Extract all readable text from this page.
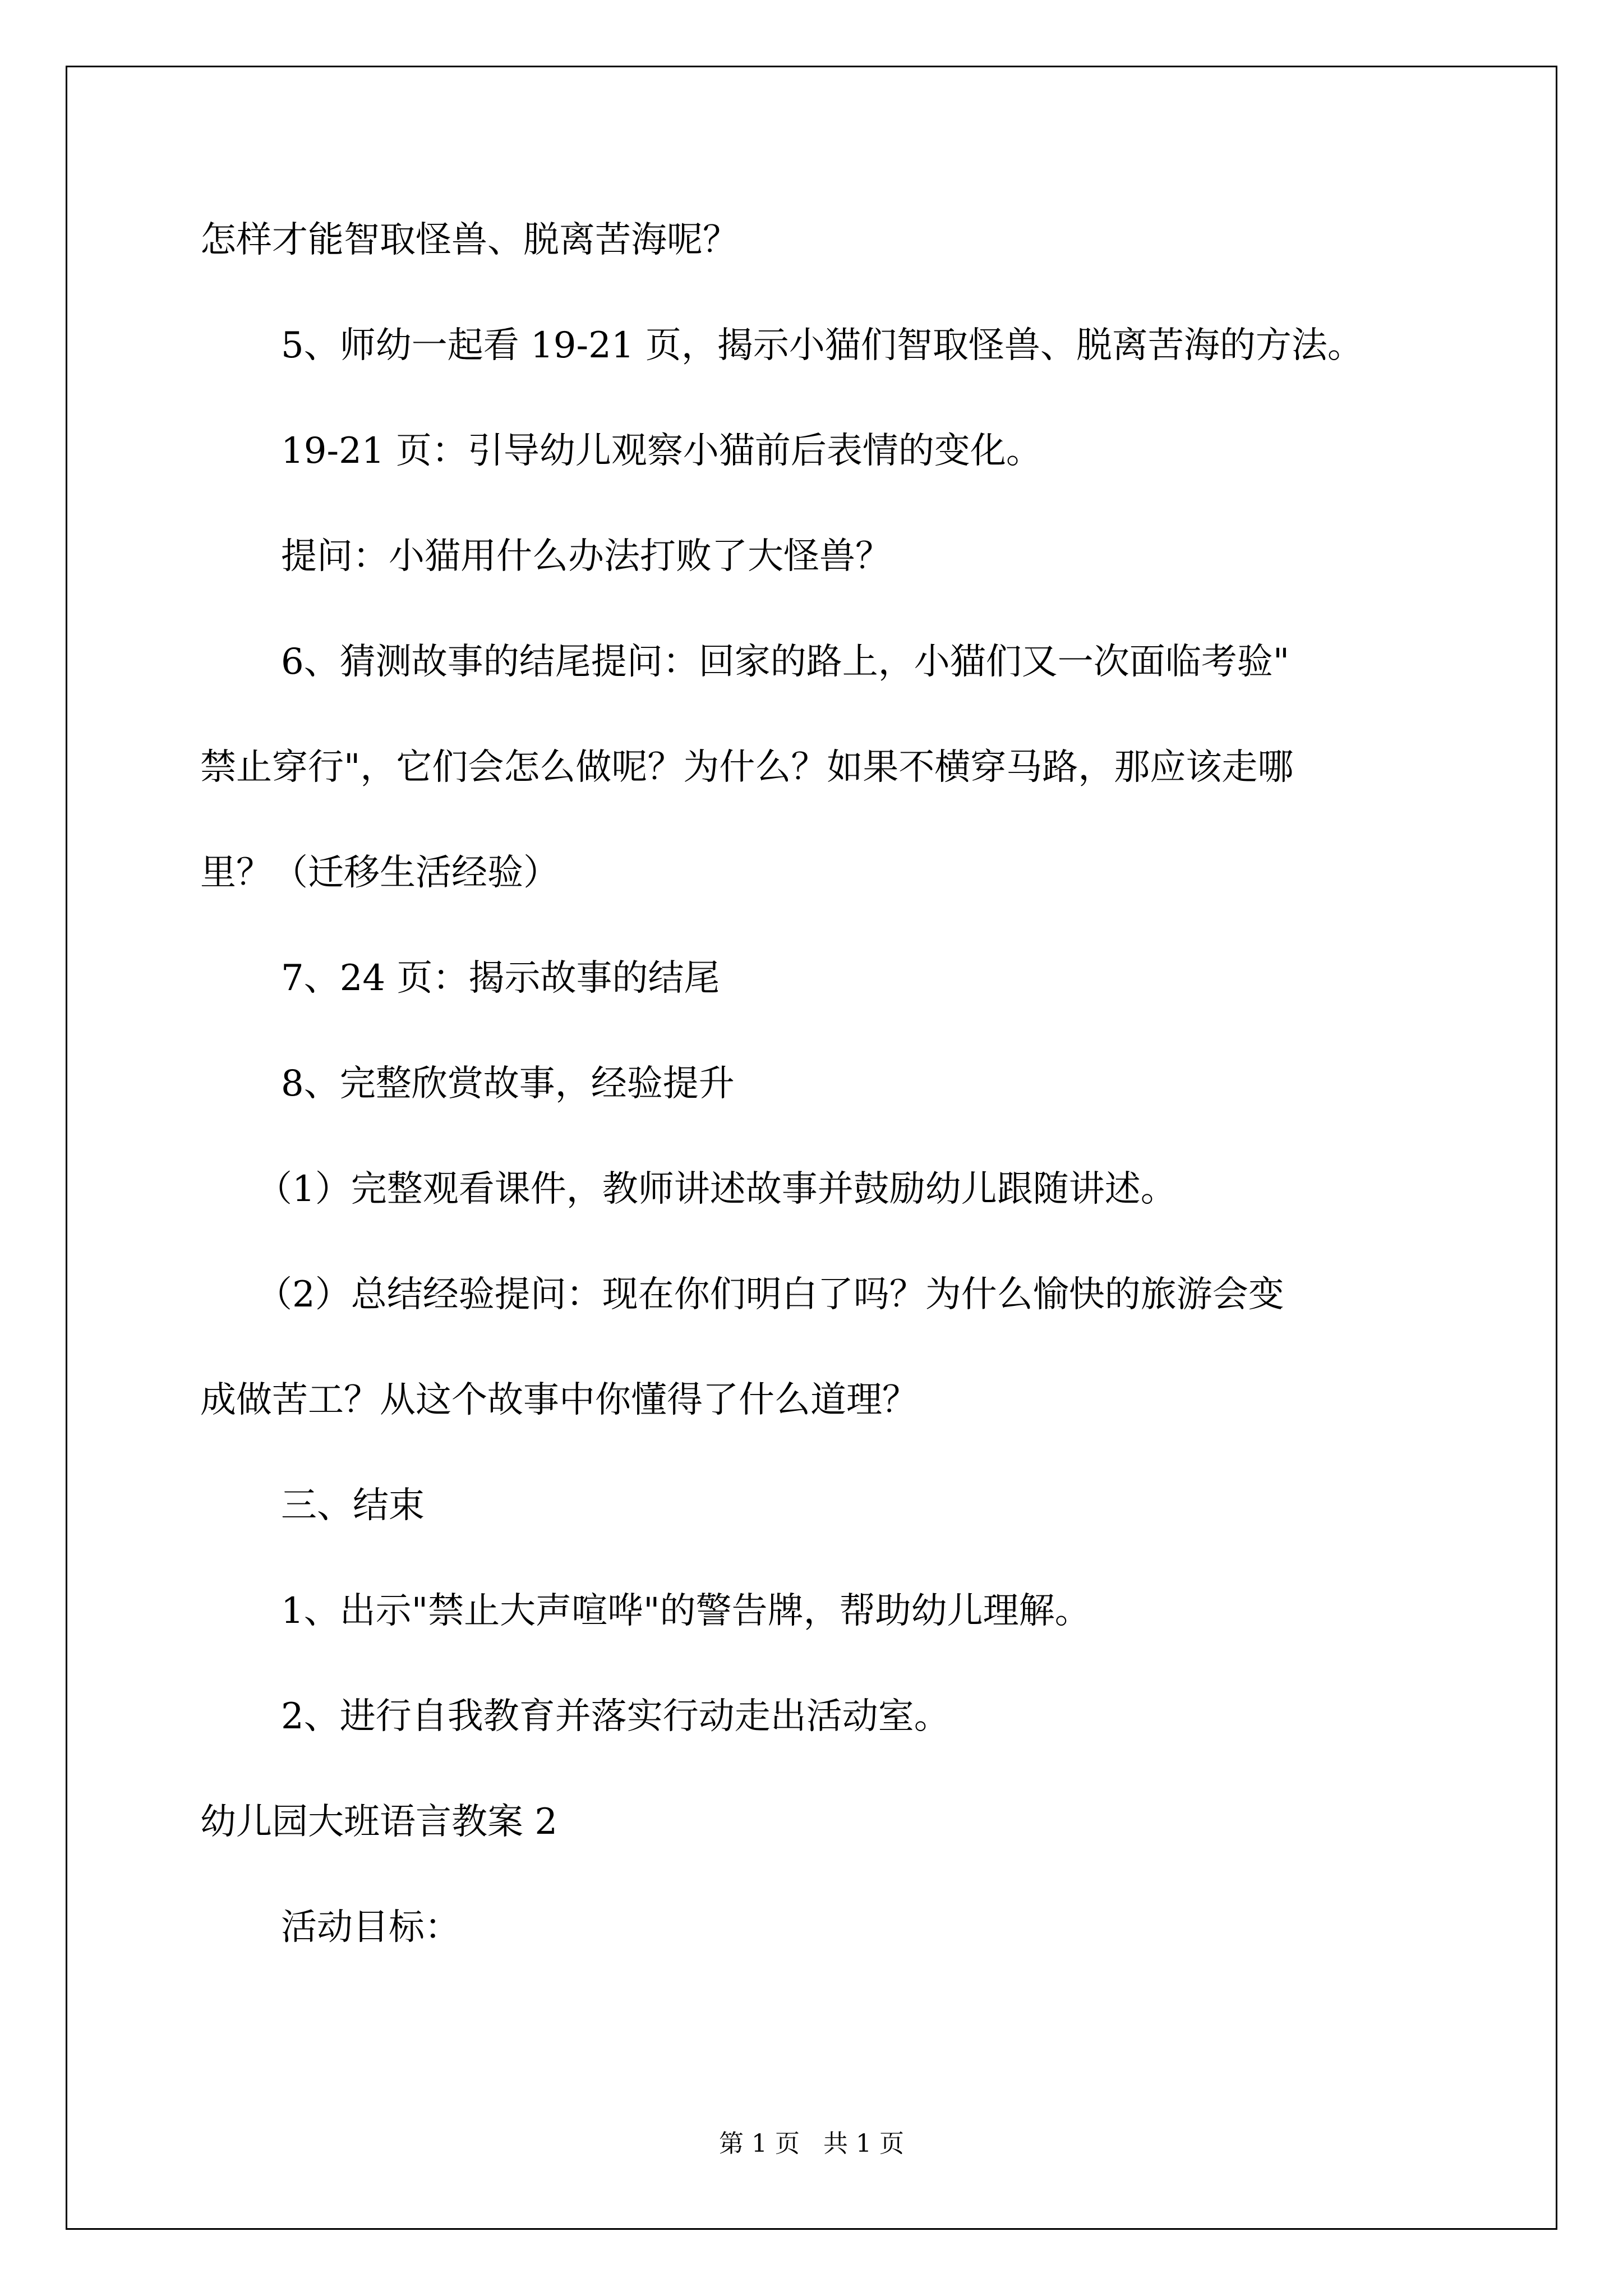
怎样才能智取怪兽、脱离苦海呢？
5、师幼一起看 19-21 页，揭示小猫们智取怪兽、脱离苦海的方法。
19-21 页：引导幼儿观察小猫前后表情的变化。
提问：小猫用什么办法打败了大怪兽？
6、猜测故事的结尾提问：回家的路上，小猫们又一次面临考验"
禁止穿行"，它们会怎么做呢？为什么？如果不横穿马路，那应该走哪
里？（迁移生活经验）
7、24 页：揭示故事的结尾
8、完整欣赏故事，经验提升
（1）完整观看课件，教师讲述故事并鼓励幼儿跟随讲述。
（2）总结经验提问：现在你们明白了吗？为什么愉快的旅游会变
成做苦工？从这个故事中你懂得了什么道理？
三、结束
1、出示"禁止大声喧哗"的警告牌，帮助幼儿理解。
2、进行自我教育并落实行动走出活动室。
幼儿园大班语言教案 2
活动目标：
第 1 页   共 1 页
